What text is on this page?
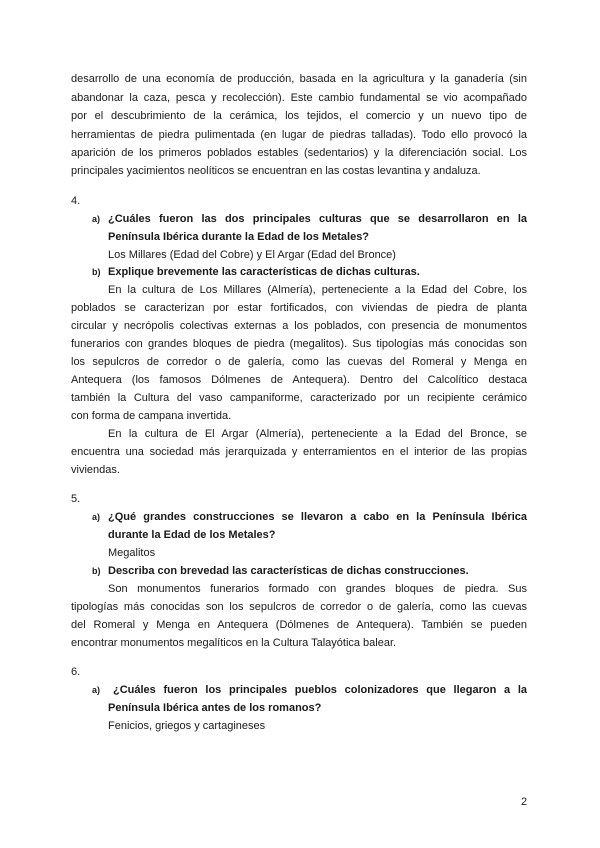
desarrollo de una economía de producción, basada en la agricultura y la ganadería (sin
abandonar la caza, pesca y recolección). Este cambio fundamental se vio acompañado
por el descubrimiento de la cerámica, los tejidos, el comercio y un nuevo tipo de
herramientas de piedra pulimentada (en lugar de piedras talladas). Todo ello provocó la
aparición de los primeros poblados estables (sedentarios) y la diferenciación social. Los
principales yacimientos neolíticos se encuentran en las costas levantina y andaluza.
4.
a) ¿Cuáles fueron las dos principales culturas que se desarrollaron en la
Península Ibérica durante la Edad de los Metales?
Los Millares (Edad del Cobre) y El Argar (Edad del Bronce)
b) Explique brevemente las características de dichas culturas.
En la cultura de Los Millares (Almería), perteneciente a la Edad del Cobre, los
poblados se caracterizan por estar fortificados, con viviendas de piedra de planta
circular y necrópolis colectivas externas a los poblados, con presencia de monumentos
funerarios con grandes bloques de piedra (megalitos). Sus tipologías más conocidas son
los sepulcros de corredor o de galería, como las cuevas del Romeral y Menga en
Antequera (los famosos Dólmenes de Antequera). Dentro del Calcolítico destaca
también la Cultura del vaso campaniforme, caracterizado por un recipiente cerámico
con forma de campana invertida.
En la cultura de El Argar (Almería), perteneciente a la Edad del Bronce, se
encuentra una sociedad más jerarquizada y enterramientos en el interior de las propias
viviendas.
5.
a) ¿Qué grandes construcciones se llevaron a cabo en la Península Ibérica
durante la Edad de los Metales?
Megalitos
b) Describa con brevedad las características de dichas construcciones.
Son monumentos funerarios formado con grandes bloques de piedra. Sus
tipologías más conocidas son los sepulcros de corredor o de galería, como las cuevas
del Romeral y Menga en Antequera (Dólmenes de Antequera). También se pueden
encontrar monumentos megalíticos en la Cultura Talayótica balear.
6.
a) ¿Cuáles fueron los principales pueblos colonizadores que llegaron a la
Península Ibérica antes de los romanos?
Fenicios, griegos y cartagineses
2
